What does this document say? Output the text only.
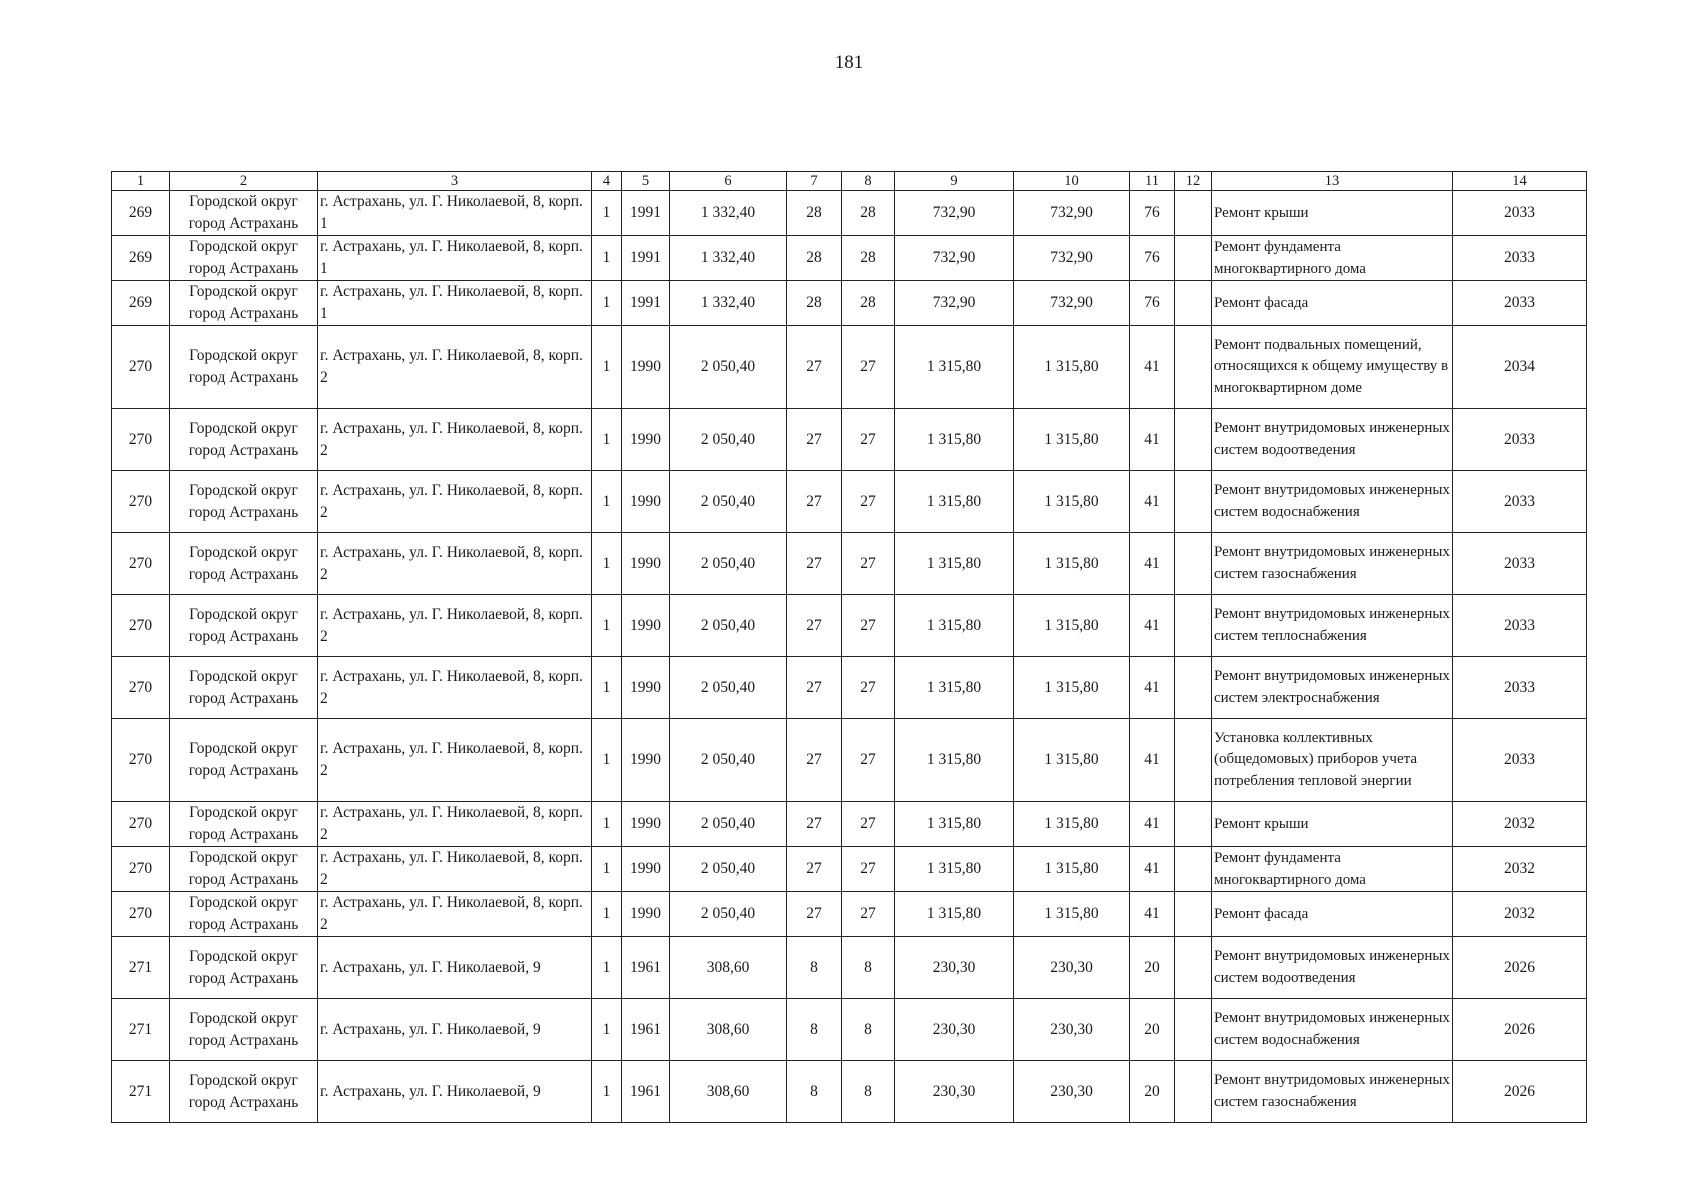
181
1	2	3	4	5	6	7	8	9	10	11	12	13	14
269	Городской округ город Астрахань	г. Астрахань, ул. Г. Николаевой, 8, корп. 1	1	1991	1 332,40	28	28	732,90	732,90	76		Ремонт крыши	2033
269	Городской округ город Астрахань	г. Астрахань, ул. Г. Николаевой, 8, корп. 1	1	1991	1 332,40	28	28	732,90	732,90	76		Ремонт фундамента многоквартирного дома	2033
269	Городской округ город Астрахань	г. Астрахань, ул. Г. Николаевой, 8, корп. 1	1	1991	1 332,40	28	28	732,90	732,90	76		Ремонт фасада	2033
270	Городской округ город Астрахань	г. Астрахань, ул. Г. Николаевой, 8, корп. 2	1	1990	2 050,40	27	27	1 315,80	1 315,80	41		Ремонт подвальных помещений, относящихся к общему имуществу в многоквартирном доме	2034
270	Городской округ город Астрахань	г. Астрахань, ул. Г. Николаевой, 8, корп. 2	1	1990	2 050,40	27	27	1 315,80	1 315,80	41		Ремонт внутридомовых инженерных систем водоотведения	2033
270	Городской округ город Астрахань	г. Астрахань, ул. Г. Николаевой, 8, корп. 2	1	1990	2 050,40	27	27	1 315,80	1 315,80	41		Ремонт внутридомовых инженерных систем водоснабжения	2033
270	Городской округ город Астрахань	г. Астрахань, ул. Г. Николаевой, 8, корп. 2	1	1990	2 050,40	27	27	1 315,80	1 315,80	41		Ремонт внутридомовых инженерных систем газоснабжения	2033
270	Городской округ город Астрахань	г. Астрахань, ул. Г. Николаевой, 8, корп. 2	1	1990	2 050,40	27	27	1 315,80	1 315,80	41		Ремонт внутридомовых инженерных систем теплоснабжения	2033
270	Городской округ город Астрахань	г. Астрахань, ул. Г. Николаевой, 8, корп. 2	1	1990	2 050,40	27	27	1 315,80	1 315,80	41		Ремонт внутридомовых инженерных систем электроснабжения	2033
270	Городской округ город Астрахань	г. Астрахань, ул. Г. Николаевой, 8, корп. 2	1	1990	2 050,40	27	27	1 315,80	1 315,80	41		Установка коллективных (общедомовых) приборов учета потребления тепловой энергии	2033
270	Городской округ город Астрахань	г. Астрахань, ул. Г. Николаевой, 8, корп. 2	1	1990	2 050,40	27	27	1 315,80	1 315,80	41		Ремонт крыши	2032
270	Городской округ город Астрахань	г. Астрахань, ул. Г. Николаевой, 8, корп. 2	1	1990	2 050,40	27	27	1 315,80	1 315,80	41		Ремонт фундамента многоквартирного дома	2032
270	Городской округ город Астрахань	г. Астрахань, ул. Г. Николаевой, 8, корп. 2	1	1990	2 050,40	27	27	1 315,80	1 315,80	41		Ремонт фасада	2032
271	Городской округ город Астрахань	г. Астрахань, ул. Г. Николаевой, 9	1	1961	308,60	8	8	230,30	230,30	20		Ремонт внутридомовых инженерных систем водоотведения	2026
271	Городской округ город Астрахань	г. Астрахань, ул. Г. Николаевой, 9	1	1961	308,60	8	8	230,30	230,30	20		Ремонт внутридомовых инженерных систем водоснабжения	2026
271	Городской округ город Астрахань	г. Астрахань, ул. Г. Николаевой, 9	1	1961	308,60	8	8	230,30	230,30	20		Ремонт внутридомовых инженерных систем газоснабжения	2026
